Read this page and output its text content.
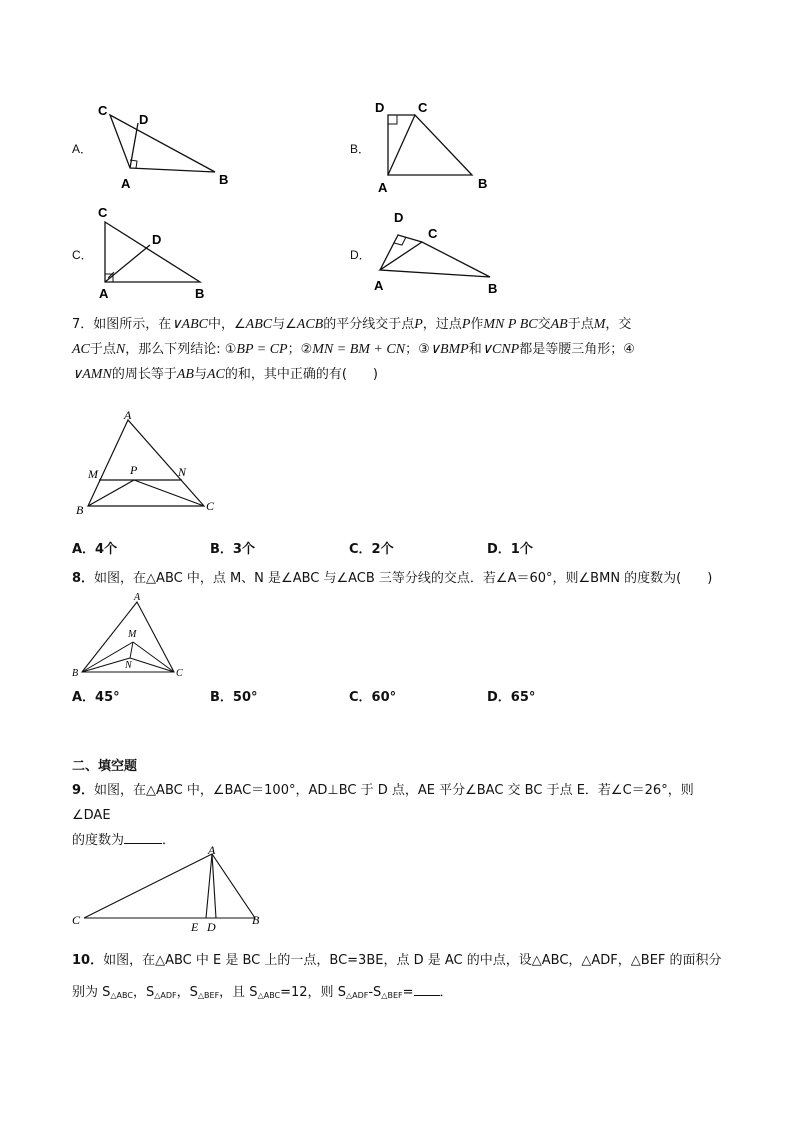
A．
C
D
A	B
B．
D	C
A	B
C．
C
D
A	B
D．
D
C
A	B
7．如图所示，在∨ABC中，∠ABC与∠ACB的平分线交于点P，过点P作MN P BC交AB于点M，交
AC于点N，那么下列结论: ①BP = CP；②MN = BM + CN；③∨BMP和∨CNP都是等腰三角形；④
∨AMN的周长等于AB与AC的和，其中正确的有(　　)
A
M	P	N
B	C
A．4个	B．3个	C．2个	D．1个
8．如图，在△ABC 中，点 M、N 是∠ABC 与∠ACB 三等分线的交点．若∠A＝60°，则∠BMN 的度数为(　　)
A
M
N
B	C
A．45°	B．50°	C．60°	D．65°
二、填空题
9．如图，在△ABC 中，∠BAC＝100°，AD⊥BC 于 D 点，AE 平分∠BAC 交 BC 于点 E．若∠C＝26°，则∠DAE
的度数为	．
A
C	E D	B
10．如图，在△ABC 中 E 是 BC 上的一点，BC=3BE，点 D 是 AC 的中点，设△ABC，△ADF，△BEF 的面积分
别为 $S_{\triangle ABC}$，$S_{\triangle ADF}$，$S_{\triangle BEF}$，且 $S_{\triangle ABC}=12$，则 $S_{\triangle ADF}-S_{\triangle BEF}=$ ．
